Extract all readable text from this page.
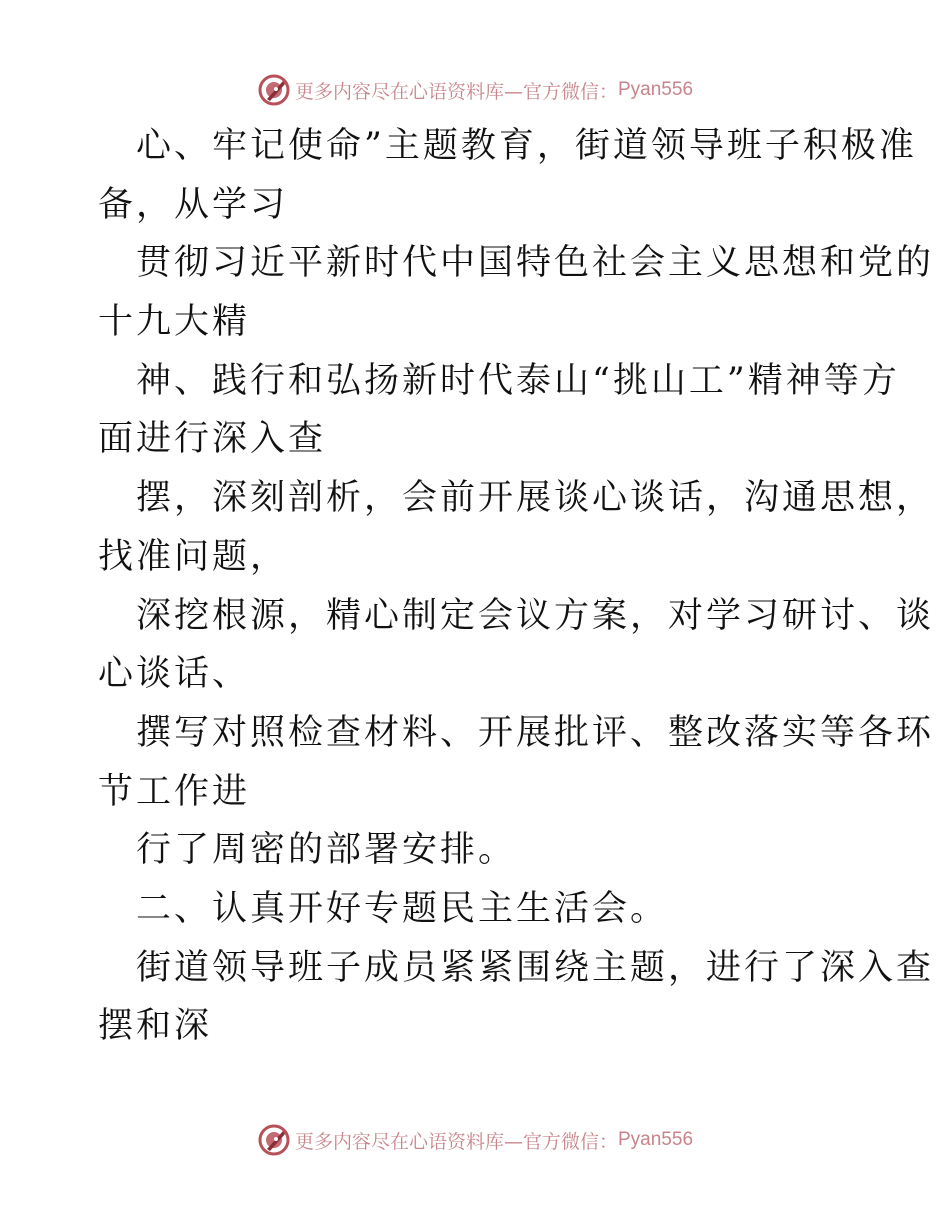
更多内容尽在心语资料库—官方微信： Pyan556
心、牢记使命”主题教育，街道领导班子积极准
备，从学习
贯彻习近平新时代中国特色社会主义思想和党的
十九大精
神、践行和弘扬新时代泰山“挑山工”精神等方
面进行深入查
摆，深刻剖析，会前开展谈心谈话，沟通思想，
找准问题，
深挖根源，精心制定会议方案，对学习研讨、谈
心谈话、
撰写对照检查材料、开展批评、整改落实等各环
节工作进
行了周密的部署安排。
二、认真开好专题民主生活会。
街道领导班子成员紧紧围绕主题，进行了深入查
摆和深
更多内容尽在心语资料库—官方微信： Pyan556
